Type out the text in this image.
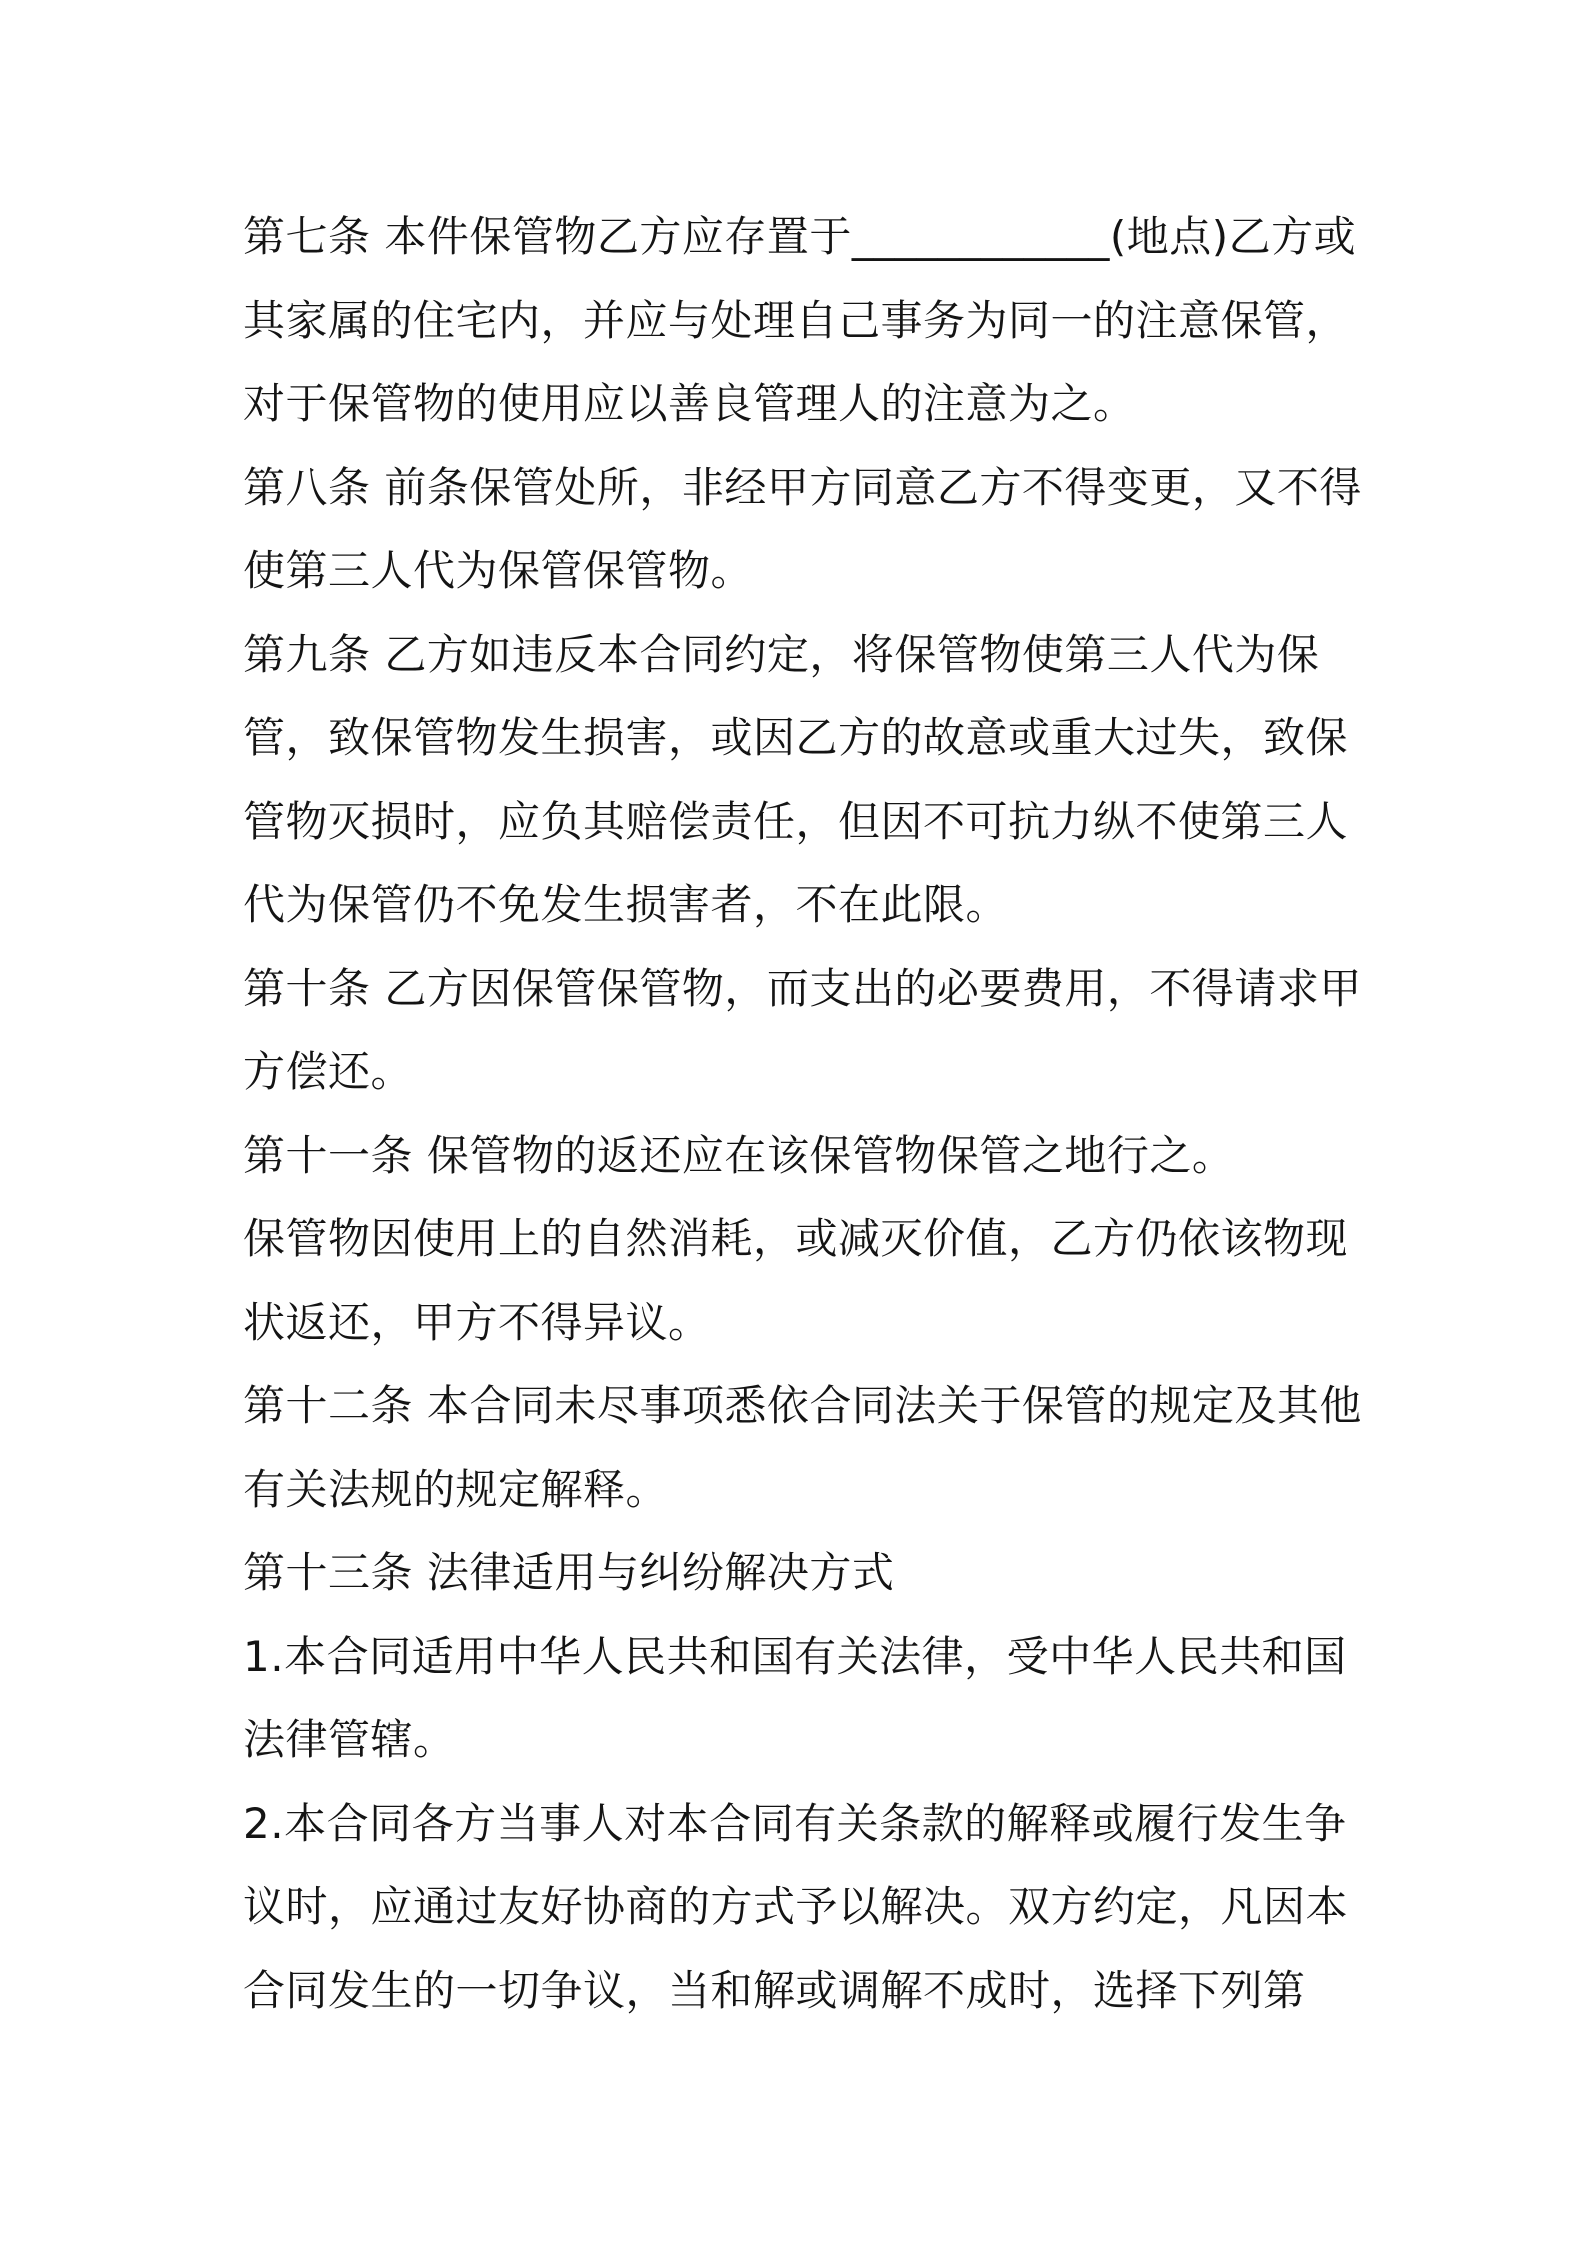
第七条 本件保管物乙方应存置于____________(地点)乙方或其家属的住宅内，并应与处理自己事务为同一的注意保管，对于保管物的使用应以善良管理人的注意为之。

第八条 前条保管处所，非经甲方同意乙方不得变更，又不得使第三人代为保管保管物。

第九条 乙方如违反本合同约定，将保管物使第三人代为保管，致保管物发生损害，或因乙方的故意或重大过失，致保管物灭损时，应负其赔偿责任，但因不可抗力纵不使第三人代为保管仍不免发生损害者，不在此限。

第十条 乙方因保管保管物，而支出的必要费用，不得请求甲方偿还。

第十一条 保管物的返还应在该保管物保管之地行之。

保管物因使用上的自然消耗，或减灭价值，乙方仍依该物现状返还，甲方不得异议。

第十二条 本合同未尽事项悉依合同法关于保管的规定及其他有关法规的规定解释。

第十三条 法律适用与纠纷解决方式

1.本合同适用中华人民共和国有关法律，受中华人民共和国法律管辖。

2.本合同各方当事人对本合同有关条款的解释或履行发生争议时，应通过友好协商的方式予以解决。双方约定，凡因本合同发生的一切争议，当和解或调解不成时，选择下列第
